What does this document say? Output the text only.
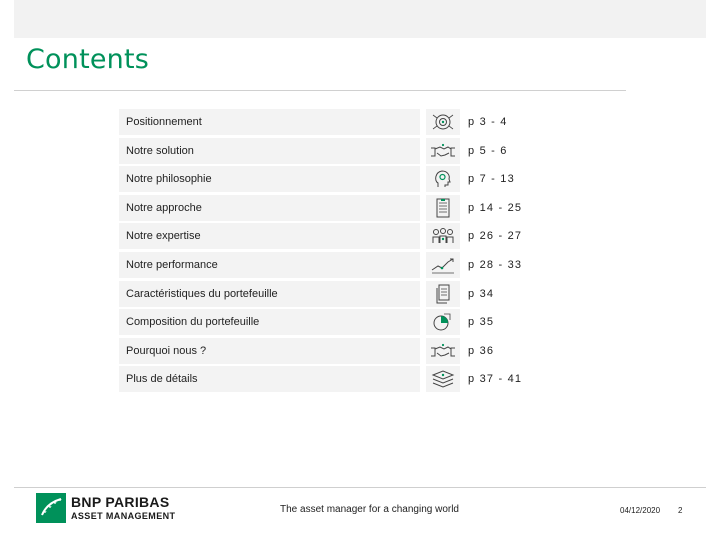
Contents
Positionnement	p 3 - 4
Notre solution	p 5 - 6
Notre philosophie	p 7 - 13
Notre approche	p 14 - 25
Notre expertise	p 26 - 27
Notre performance	p 28 - 33
Caractéristiques du portefeuille	p 34
Composition du portefeuille	p 35
Pourquoi nous ?	p 36
Plus de détails	p 37 - 41
BNP PARIBAS
ASSET MANAGEMENT
The asset manager for a changing world	04/12/2020 2
